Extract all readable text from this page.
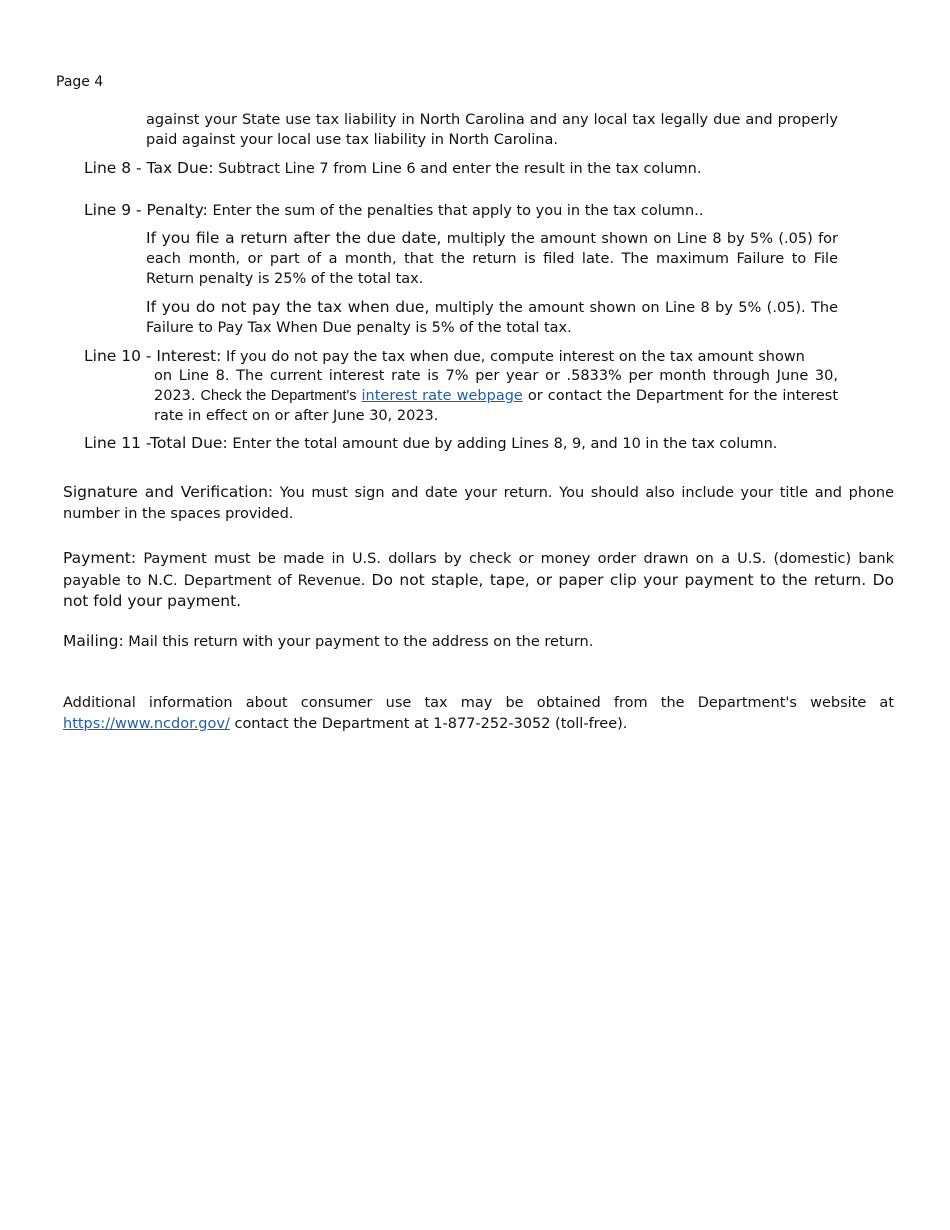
Page 4
against your State use tax liability in North Carolina and any local tax legally due and properly paid against your local use tax liability in North Carolina.
Line 8 - Tax Due: Subtract Line 7 from Line 6 and enter the result in the tax column.
Line 9 - Penalty: Enter the sum of the penalties that apply to you in the tax column..
If you file a return after the due date, multiply the amount shown on Line 8 by 5% (.05) for each month, or part of a month, that the return is filed late. The maximum Failure to File Return penalty is 25% of the total tax.
If you do not pay the tax when due, multiply the amount shown on Line 8 by 5% (.05). The Failure to Pay Tax When Due penalty is 5% of the total tax.
Line 10 - Interest: If you do not pay the tax when due, compute interest on the tax amount shown
on Line 8. The current interest rate is 7% per year or .5833% per month through June 30, 2023. Check the Department's interest rate webpage or contact the Department for the interest rate in effect on or after June 30, 2023.
Line 11 -Total Due: Enter the total amount due by adding Lines 8, 9, and 10 in the tax column.
Signature and Verification: You must sign and date your return. You should also include your title and phone number in the spaces provided.
Payment: Payment must be made in U.S. dollars by check or money order drawn on a U.S. (domestic) bank payable to N.C. Department of Revenue. Do not staple, tape, or paper clip your payment to the return. Do not fold your payment.
Mailing: Mail this return with your payment to the address on the return.
Additional information about consumer use tax may be obtained from the Department's website at https://www.ncdor.gov/ contact the Department at 1-877-252-3052 (toll-free).
